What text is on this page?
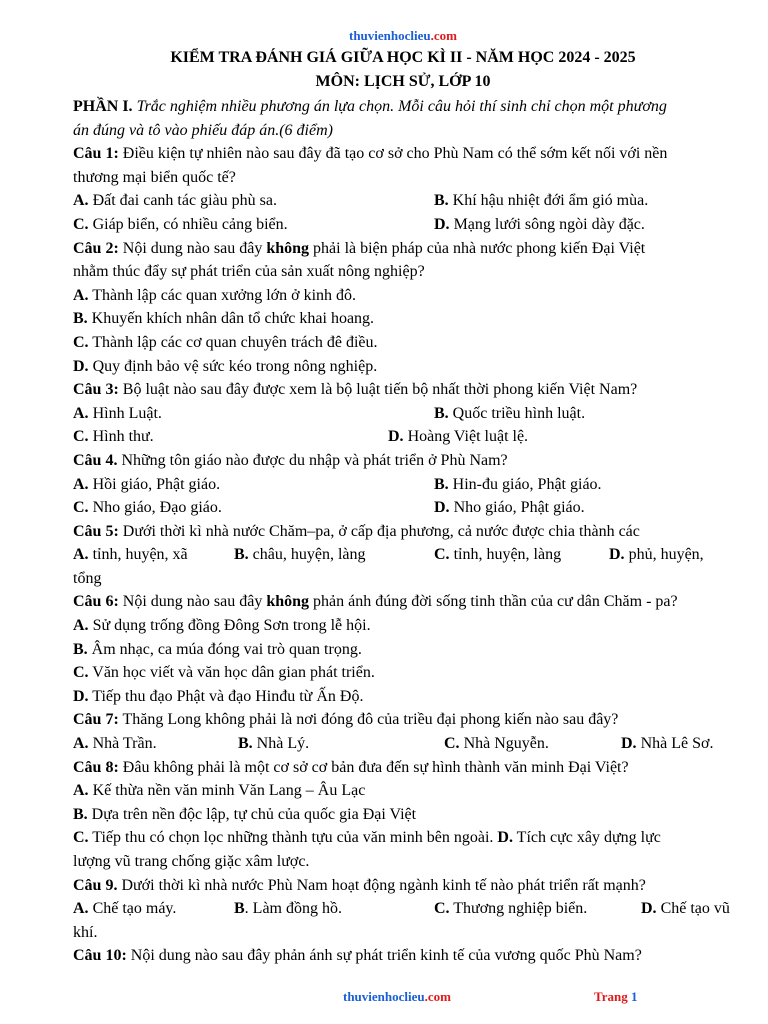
thuvienhoclieu.com
KIỂM TRA ĐÁNH GIÁ GIỮA HỌC KÌ II - NĂM HỌC 2024 - 2025
MÔN: LỊCH SỬ, LỚP 10
PHẦN I. Trắc nghiệm nhiều phương án lựa chọn. Mỗi câu hỏi thí sinh chỉ chọn một phương
án đúng và tô vào phiếu đáp án.(6 điểm)
Câu 1: Điều kiện tự nhiên nào sau đây đã tạo cơ sở cho Phù Nam có thể sớm kết nối với nền
thương mại biển quốc tế?
A. Đất đai canh tác giàu phù sa.	B. Khí hậu nhiệt đới ẩm gió mùa.
C. Giáp biển, có nhiều cảng biển.	D. Mạng lưới sông ngòi dày đặc.
Câu 2: Nội dung nào sau đây không phải là biện pháp của nhà nước phong kiến Đại Việt
nhằm thúc đẩy sự phát triển của sản xuất nông nghiệp?
A. Thành lập các quan xưởng lớn ở kinh đô.
B. Khuyến khích nhân dân tổ chức khai hoang.
C. Thành lập các cơ quan chuyên trách đê điều.
D. Quy định bảo vệ sức kéo trong nông nghiệp.
Câu 3: Bộ luật nào sau đây được xem là bộ luật tiến bộ nhất thời phong kiến Việt Nam?
A. Hình Luật.	B. Quốc triều hình luật.
C. Hình thư.	D. Hoàng Việt luật lệ.
Câu 4. Những tôn giáo nào được du nhập và phát triển ở Phù Nam?
A. Hồi giáo, Phật giáo.	B. Hin-đu giáo, Phật giáo.
C. Nho giáo, Đạo giáo.	D. Nho giáo, Phật giáo.
Câu 5: Dưới thời kì nhà nước Chăm–pa, ở cấp địa phương, cả nước được chia thành các
A. tỉnh, huyện, xã	B. châu, huyện, làng	C. tỉnh, huyện, làng	D. phủ, huyện,
tổng
Câu 6: Nội dung nào sau đây không phản ánh đúng đời sống tinh thần của cư dân Chăm - pa?
A. Sử dụng trống đồng Đông Sơn trong lễ hội.
B. Âm nhạc, ca múa đóng vai trò quan trọng.
C. Văn học viết và văn học dân gian phát triển.
D. Tiếp thu đạo Phật và đạo Hinđu từ Ấn Độ.
Câu 7: Thăng Long không phải là nơi đóng đô của triều đại phong kiến nào sau đây?
A. Nhà Trần.	B. Nhà Lý.	C. Nhà Nguyễn.	D. Nhà Lê Sơ.
Câu 8: Đâu không phải là một cơ sở cơ bản đưa đến sự hình thành văn minh Đại Việt?
A. Kế thừa nền văn minh Văn Lang – Âu Lạc
B. Dựa trên nền độc lập, tự chủ của quốc gia Đại Việt
C. Tiếp thu có chọn lọc những thành tựu của văn minh bên ngoài. D. Tích cực xây dựng lực
lượng vũ trang chống giặc xâm lược.
Câu 9. Dưới thời kì nhà nước Phù Nam hoạt động ngành kinh tế nào phát triển rất mạnh?
A. Chế tạo máy.	B. Làm đồng hồ.	C. Thương nghiệp biển.	D. Chế tạo vũ
khí.
Câu 10: Nội dung nào sau đây phản ánh sự phát triển kinh tế của vương quốc Phù Nam?
thuvienhoclieu.com	Trang 1
